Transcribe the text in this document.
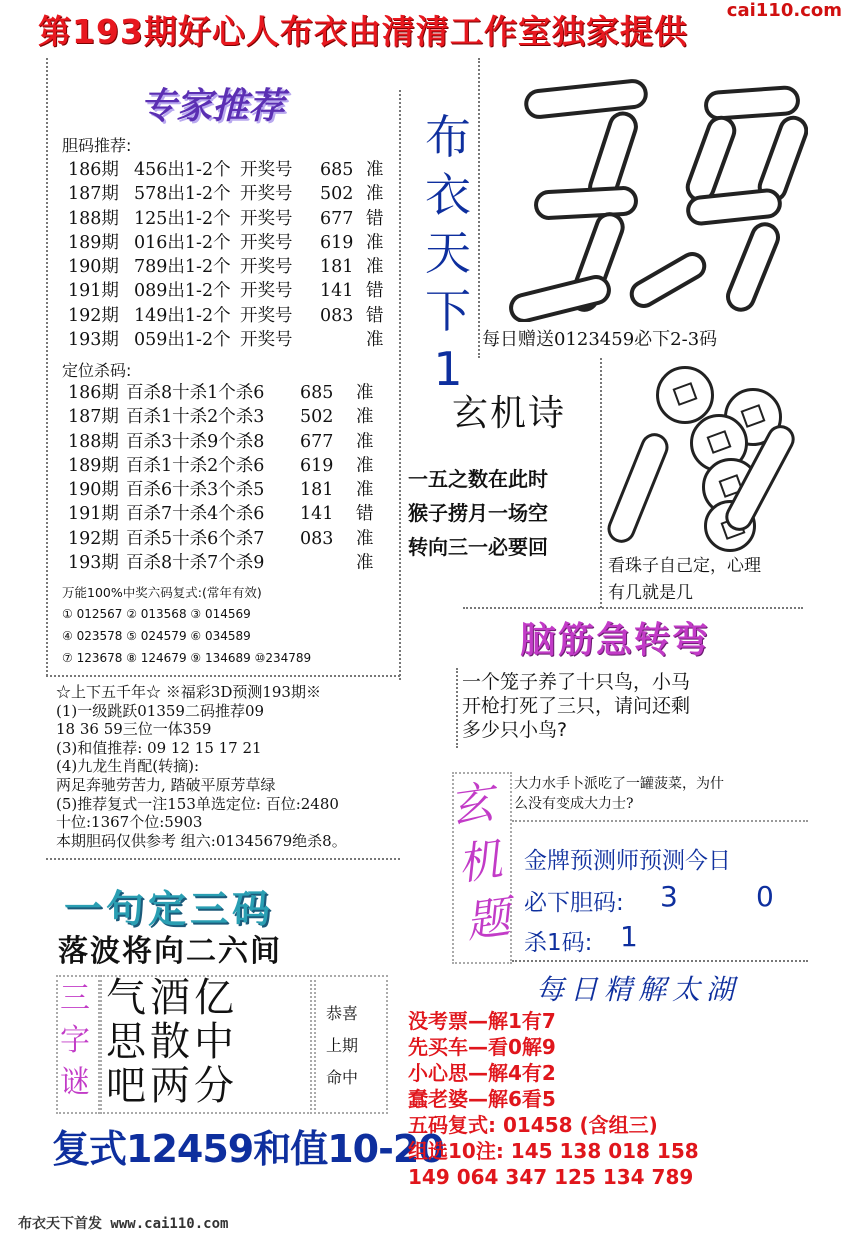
第193期好心人布衣由清清工作室独家提供
cai110.com
专家推荐
胆码推荐:
186期 456出1-2个 开奖号 685 准
187期 578出1-2个 开奖号 502 准
188期 125出1-2个 开奖号 677 错
189期 016出1-2个 开奖号 619 准
190期 789出1-2个 开奖号 181 准
191期 089出1-2个 开奖号 141 错
192期 149出1-2个 开奖号 083 错
193期 059出1-2个 开奖号	准
定位杀码:
186期 百杀8十杀1个杀6 685 准
187期 百杀1十杀2个杀3 502 准
188期 百杀3十杀9个杀8 677 准
189期 百杀1十杀2个杀6 619 准
190期 百杀6十杀3个杀5 181 准
191期 百杀7十杀4个杀6 141 错
192期 百杀5十杀6个杀7 083 准
193期 百杀8十杀7个杀9	准
万能100%中奖六码复式:(常年有效)
① 012567 ② 013568 ③ 014569
④ 023578 ⑤ 024579 ⑥ 034589
⑦ 123678 ⑧ 124679 ⑨ 134689 ⑩234789
☆上下五千年☆ ※福彩3D预测193期※
(1)一级跳跃01359二码推荐09
18 36 59三位一体359
(3)和值推荐: 09 12 15 17 21
(4)九龙生肖配(转摘):
两足奔驰劳苦力, 踏破平原芳草绿
(5)推荐复式一注153单选定位: 百位:2480
十位:1367个位:5903
本期胆码仅供参考 组六:01345679绝杀8。
一句定三码
落波将向二六间
三
字
谜
气酒亿
思散中
吧两分
恭喜
上期
命中
复式12459和值10-20
布衣天下首发 www.cai110.com
布
衣
天
下
1
每日赠送0123459必下2-3码
玄机诗
一五之数在此时
猴子捞月一场空
转向三一必要回
看珠子自己定，心理
有几就是几
脑筋急转弯
一个笼子养了十只鸟，小马
开枪打死了三只，请问还剩
多少只小鸟?
玄
机
题
大力水手卜派吃了一罐菠菜，为什
么没有变成大力士?
金牌预测师预测今日
必下胆码: 3	0
杀1码: 1
每日精解太湖
没考票—解1有7
先买车—看0解9
小心思—解4有2
蠢老婆—解6看5
五码复式: 01458 (含组三)
组选10注: 145 138 018 158
149 064 347 125 134 789
